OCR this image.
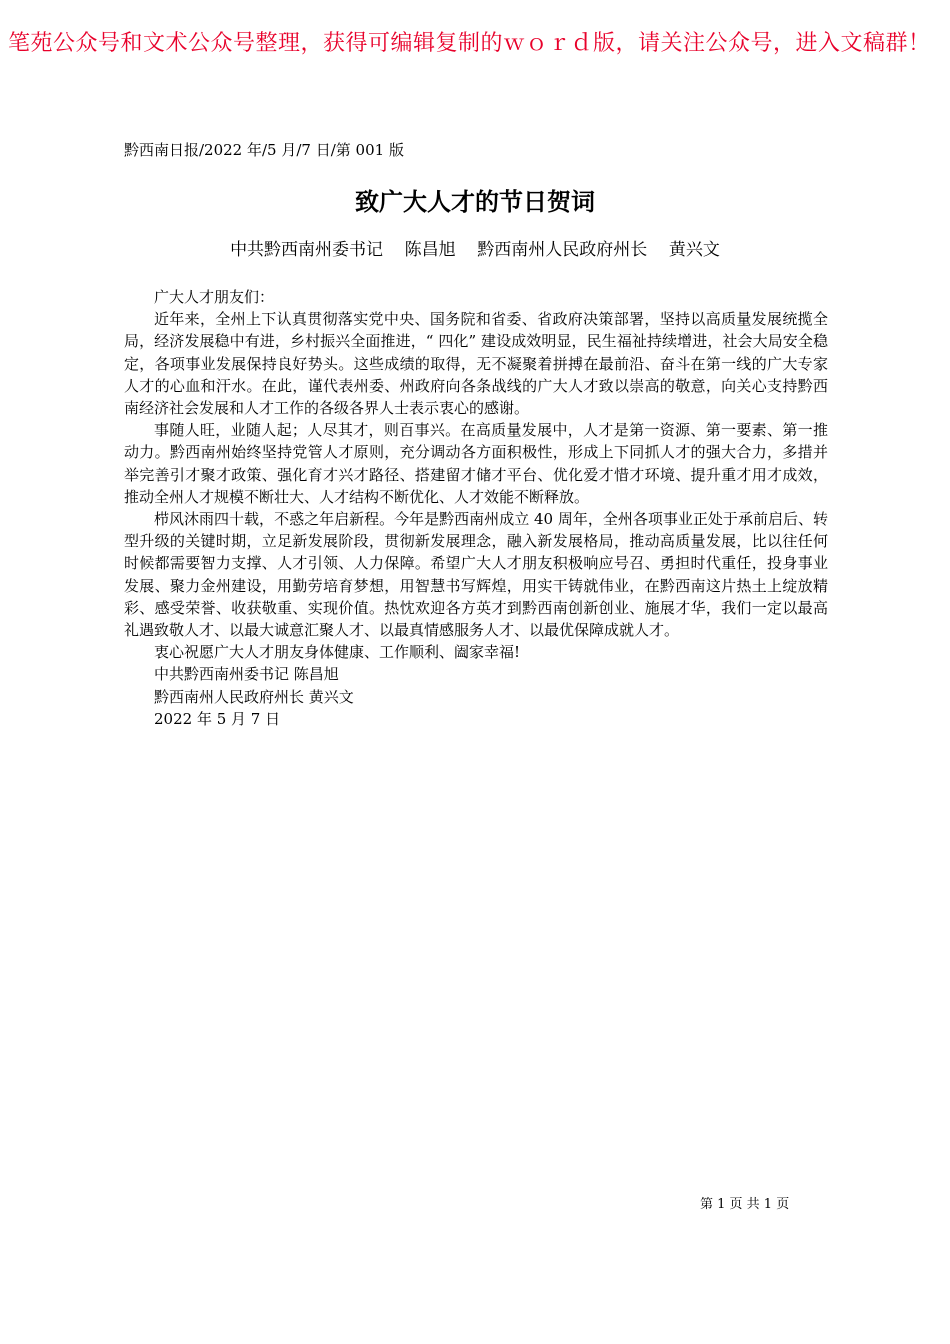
笔苑公众号和文术公众号整理，获得可编辑复制的ｗｏｒｄ版，请关注公众号，进入文稿群！
黔西南日报/2022 年/5 月/7 日/第 001 版
致广大人才的节日贺词
中共黔西南州委书记    陈昌旭    黔西南州人民政府州长    黄兴文

广大人才朋友们：

近年来，全州上下认真贯彻落实党中央、国务院和省委、省政府决策部署，坚持以高质量发展统揽全局，经济发展稳中有进，乡村振兴全面推进，“ 四化” 建设成效明显，民生福祉持续增进，社会大局安全稳定，各项事业发展保持良好势头。这些成绩的取得，无不凝聚着拼搏在最前沿、奋斗在第一线的广大专家人才的心血和汗水。在此，谨代表州委、州政府向各条战线的广大人才致以崇高的敬意，向关心支持黔西南经济社会发展和人才工作的各级各界人士表示衷心的感谢。

事随人旺，业随人起；人尽其才，则百事兴。在高质量发展中，人才是第一资源、第一要素、第一推动力。黔西南州始终坚持党管人才原则，充分调动各方面积极性，形成上下同抓人才的强大合力，多措并举完善引才聚才政策、强化育才兴才路径、搭建留才储才平台、优化爱才惜才环境、提升重才用才成效，推动全州人才规模不断壮大、人才结构不断优化、人才效能不断释放。

栉风沐雨四十载，不惑之年启新程。今年是黔西南州成立 40 周年，全州各项事业正处于承前启后、转型升级的关键时期，立足新发展阶段，贯彻新发展理念，融入新发展格局，推动高质量发展，比以往任何时候都需要智力支撑、人才引领、人力保障。希望广大人才朋友积极响应号召、勇担时代重任，投身事业发展、聚力金州建设，用勤劳培育梦想，用智慧书写辉煌，用实干铸就伟业，在黔西南这片热土上绽放精彩、感受荣誉、收获敬重、实现价值。热忱欢迎各方英才到黔西南创新创业、施展才华，我们一定以最高礼遇致敬人才、以最大诚意汇聚人才、以最真情感服务人才、以最优保障成就人才。

衷心祝愿广大人才朋友身体健康、工作顺利、阖家幸福!

中共黔西南州委书记 陈昌旭

黔西南州人民政府州长 黄兴文

2022 年 5 月 7 日

第 1 页 共 1 页
